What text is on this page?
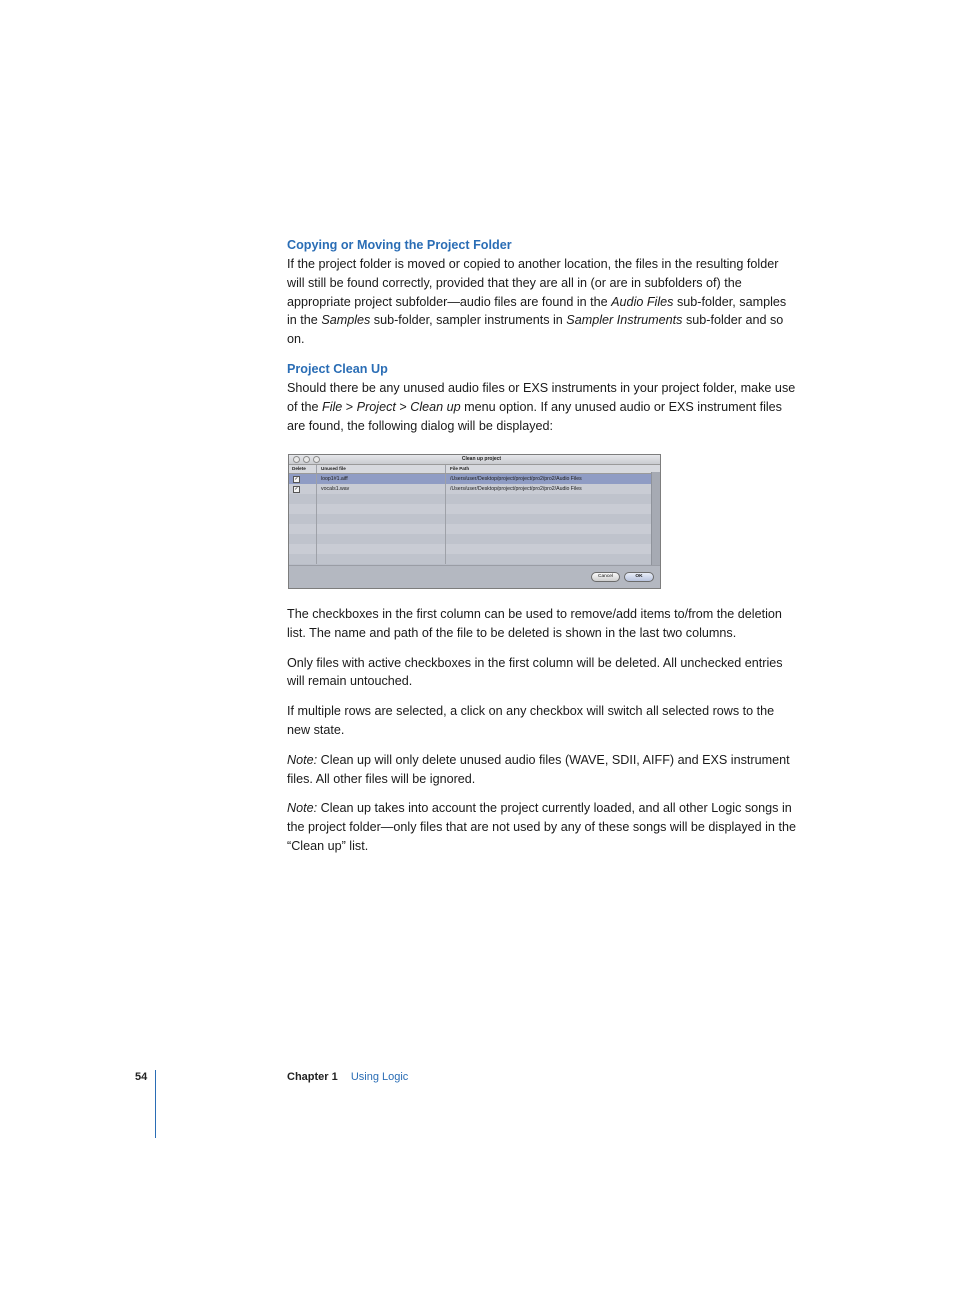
Copying or Moving the Project Folder

If the project folder is moved or copied to another location, the files in the resulting folder will still be found correctly, provided that they are all in (or are in subfolders of) the appropriate project subfolder—audio files are found in the Audio Files sub-folder, samples in the Samples sub-folder, sampler instruments in Sampler Instruments sub-folder and so on.

Project Clean Up

Should there be any unused audio files or EXS instruments in your project folder, make use of the File > Project > Clean up menu option. If any unused audio or EXS instrument files are found, the following dialog will be displayed:

Clean up project
Delete	Unused file	File Path
✓	loop1#1.aiff	/Users/user/Desktop/project/project/pro2/pro2/Audio Files
✓	vocals1.wav	/Users/user/Desktop/project/project/pro2/pro2/Audio Files
Cancel	OK

The checkboxes in the first column can be used to remove/add items to/from the deletion list. The name and path of the file to be deleted is shown in the last two columns.

Only files with active checkboxes in the first column will be deleted. All unchecked entries will remain untouched.

If multiple rows are selected, a click on any checkbox will switch all selected rows to the new state.

Note: Clean up will only delete unused audio files (WAVE, SDII, AIFF) and EXS instrument files. All other files will be ignored.

Note: Clean up takes into account the project currently loaded, and all other Logic songs in the project folder—only files that are not used by any of these songs will be displayed in the “Clean up” list.

54	Chapter 1 Using Logic
